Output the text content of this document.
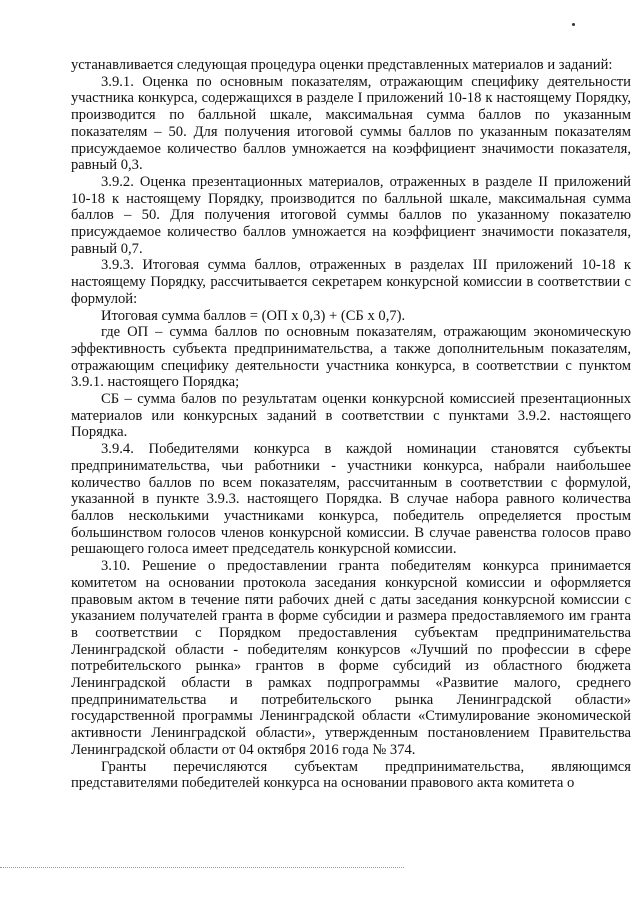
устанавливается следующая процедура оценки представленных материалов и заданий:

3.9.1. Оценка по основным показателям, отражающим специфику деятельности участника конкурса, содержащихся в разделе I приложений 10-18 к настоящему Порядку, производится по балльной шкале, максимальная сумма баллов по указанным показателям – 50. Для получения итоговой суммы баллов по указанным показателям присуждаемое количество баллов умножается на коэффициент значимости показателя, равный 0,3.

3.9.2. Оценка презентационных материалов, отраженных в разделе II приложений 10-18 к настоящему Порядку, производится по балльной шкале, максимальная сумма баллов – 50. Для получения итоговой суммы баллов по указанному показателю присуждаемое количество баллов умножается на коэффициент значимости показателя, равный 0,7.

3.9.3. Итоговая сумма баллов, отраженных в разделах III приложений 10-18 к настоящему Порядку, рассчитывается секретарем конкурсной комиссии в соответствии с формулой:

Итоговая сумма баллов = (ОП х 0,3) + (СБ х 0,7).

где ОП – сумма баллов по основным показателям, отражающим экономическую эффективность субъекта предпринимательства, а также дополнительным показателям, отражающим специфику деятельности участника конкурса, в соответствии с пунктом 3.9.1. настоящего Порядка;

СБ – сумма балов по результатам оценки конкурсной комиссией презентационных материалов или конкурсных заданий в соответствии с пунктами 3.9.2. настоящего Порядка.

3.9.4. Победителями конкурса в каждой номинации становятся субъекты предпринимательства, чьи работники - участники конкурса, набрали наибольшее количество баллов по всем показателям, рассчитанным в соответствии с формулой, указанной в пункте 3.9.3. настоящего Порядка. В случае набора равного количества баллов несколькими участниками конкурса, победитель определяется простым большинством голосов членов конкурсной комиссии. В случае равенства голосов право решающего голоса имеет председатель конкурсной комиссии.

3.10. Решение о предоставлении гранта победителям конкурса принимается комитетом на основании протокола заседания конкурсной комиссии и оформляется правовым актом в течение пяти рабочих дней с даты заседания конкурсной комиссии с указанием получателей гранта в форме субсидии и размера предоставляемого им гранта в соответствии с Порядком предоставления субъектам предпринимательства Ленинградской области - победителям конкурсов «Лучший по профессии в сфере потребительского рынка» грантов в форме субсидий из областного бюджета Ленинградской области в рамках подпрограммы «Развитие малого, среднего предпринимательства и потребительского рынка Ленинградской области» государственной программы Ленинградской области «Стимулирование экономической активности Ленинградской области», утвержденным постановлением Правительства Ленинградской области от 04 октября 2016 года № 374.

Гранты перечисляются субъектам предпринимательства, являющимся представителями победителей конкурса на основании правового акта комитета о
